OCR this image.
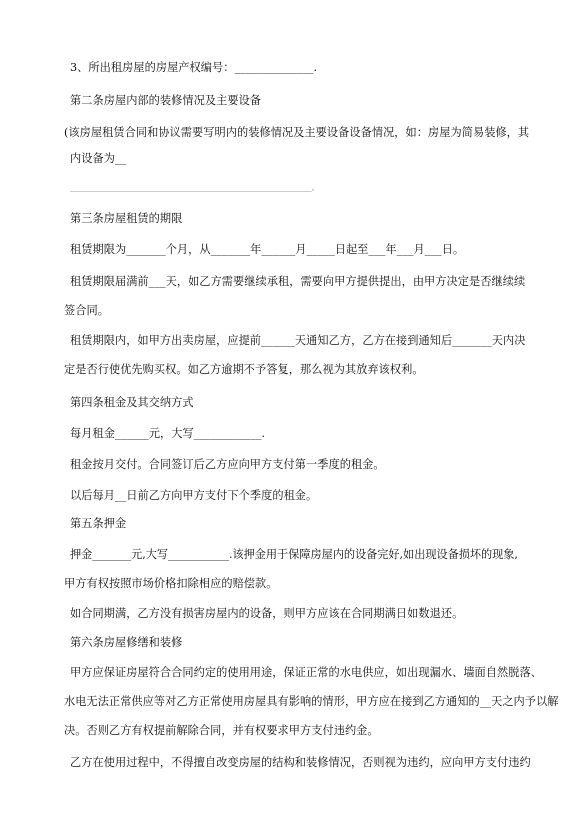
3、所出租房屋的房屋产权编号：______________.

第二条房屋内部的装修情况及主要设备

(该房屋租赁合同和协议需要写明内的装修情况及主要设备设备情况，如：房屋为简易装修，其

内设备为__

_____________________________________________________________________________________。

第三条房屋租赁的期限

租赁期限为_______个月，从_______年______月_____日起至___年___月___日。

租赁期限届满前___天，如乙方需要继续承租，需要向甲方提供提出，由甲方决定是否继续续

签合同。

租赁期限内，如甲方出卖房屋，应提前______天通知乙方，乙方在接到通知后_______天内决

定是否行使优先购买权。如乙方逾期不予答复，那么视为其放弃该权利。

第四条租金及其交纳方式

每月租金______元，大写____________.

租金按月交付。合同签订后乙方应向甲方支付第一季度的租金。

以后每月__日前乙方向甲方支付下个季度的租金。

第五条押金

押金_______元,大写___________.该押金用于保障房屋内的设备完好,如出现设备损坏的现象,

甲方有权按照市场价格扣除相应的赔偿款。

如合同期满，乙方没有损害房屋内的设备，则甲方应该在合同期满日如数退还。

第六条房屋修缮和装修

甲方应保证房屋符合合同约定的使用用途，保证正常的水电供应，如出现漏水、墙面自然脱落、

水电无法正常供应等对乙方正常使用房屋具有影响的情形，甲方应在接到乙方通知的__天之内予以解

决。否则乙方有权提前解除合同，并有权要求甲方支付违约金。

乙方在使用过程中，不得擅自改变房屋的结构和装修情况，否则视为违约，应向甲方支付违约
